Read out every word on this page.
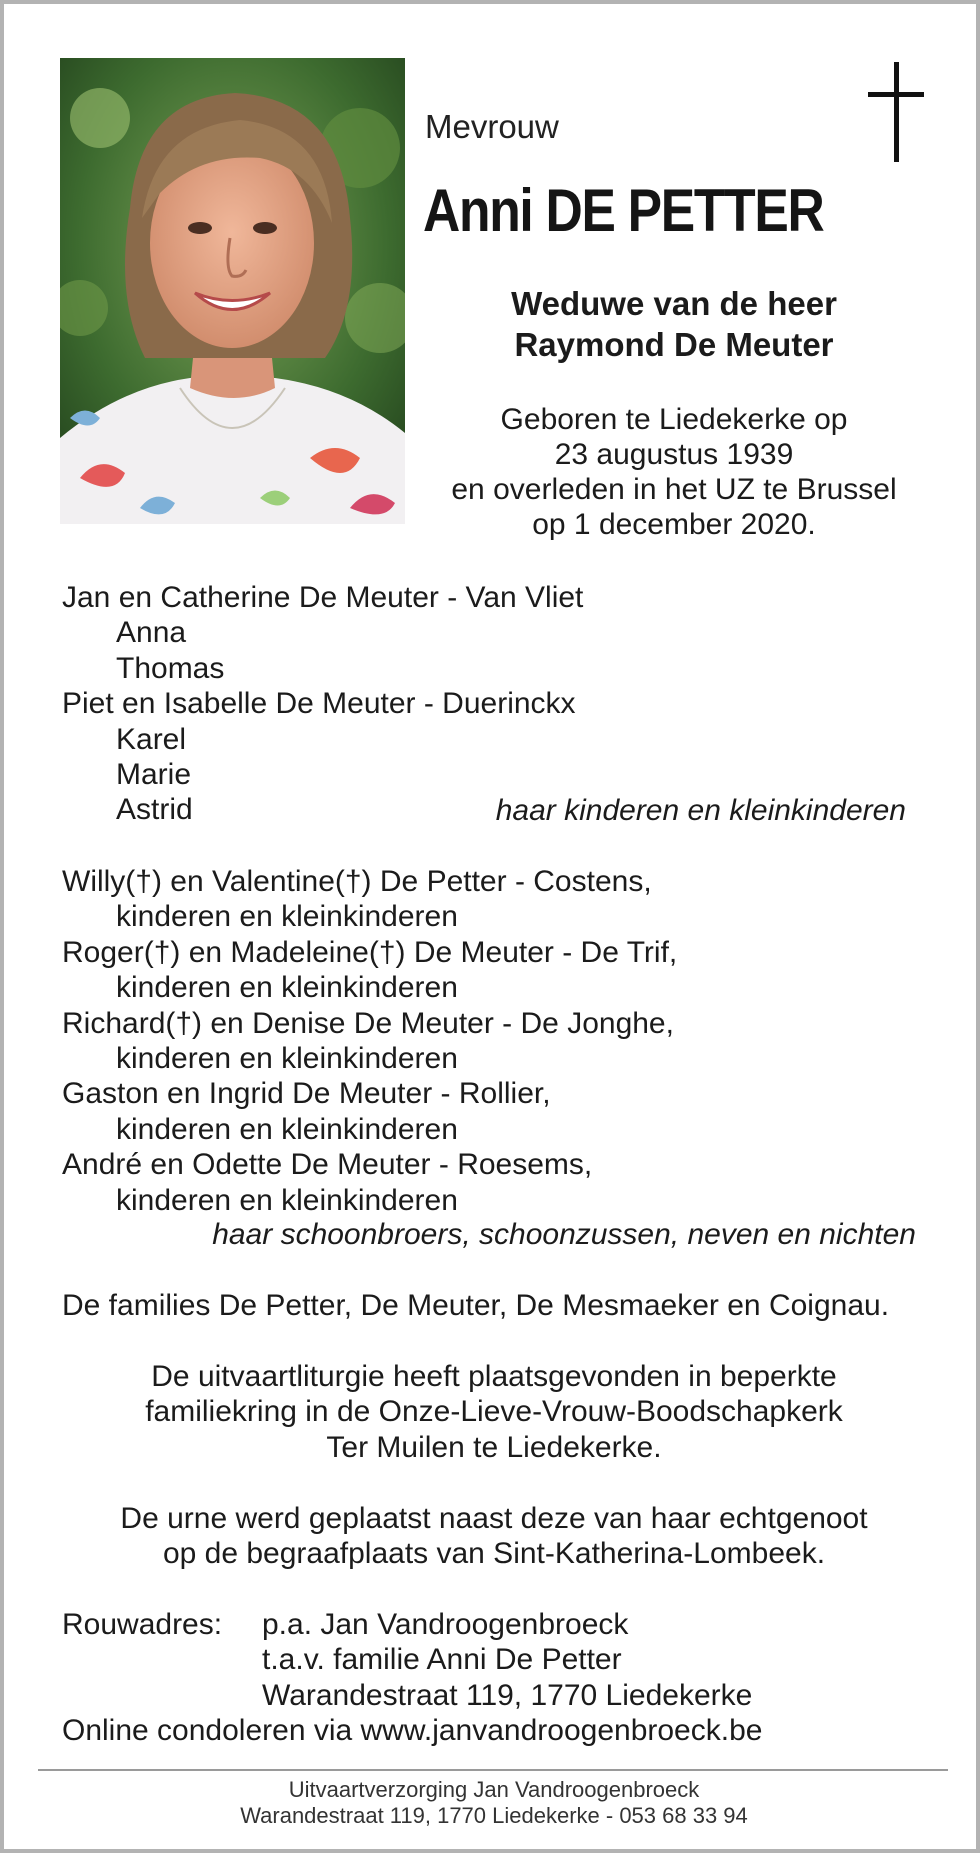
Mevrouw
Anni DE PETTER
Weduwe van de heer
Raymond De Meuter
Geboren te Liedekerke op
23 augustus 1939
en overleden in het UZ te Brussel
op 1 december 2020.
Jan en Catherine De Meuter - Van Vliet
Anna
Thomas
Piet en Isabelle De Meuter - Duerinckx
Karel
Marie
Astrid	haar kinderen en kleinkinderen
Willy(†) en Valentine(†) De Petter - Costens,
kinderen en kleinkinderen
Roger(†) en Madeleine(†) De Meuter - De Trif,
kinderen en kleinkinderen
Richard(†) en Denise De Meuter - De Jonghe,
kinderen en kleinkinderen
Gaston en Ingrid De Meuter - Rollier,
kinderen en kleinkinderen
André en Odette De Meuter - Roesems,
kinderen en kleinkinderen
haar schoonbroers, schoonzussen, neven en nichten
De families De Petter, De Meuter, De Mesmaeker en Coignau.
De uitvaartliturgie heeft plaatsgevonden in beperkte
familiekring in de Onze-Lieve-Vrouw-Boodschapkerk
Ter Muilen te Liedekerke.
De urne werd geplaatst naast deze van haar echtgenoot
op de begraafplaats van Sint-Katherina-Lombeek.
Rouwadres: p.a. Jan Vandroogenbroeck
t.a.v. familie Anni De Petter
Warandestraat 119, 1770 Liedekerke
Online condoleren via www.janvandroogenbroeck.be
Uitvaartverzorging Jan Vandroogenbroeck
Warandestraat 119, 1770 Liedekerke - 053 68 33 94
